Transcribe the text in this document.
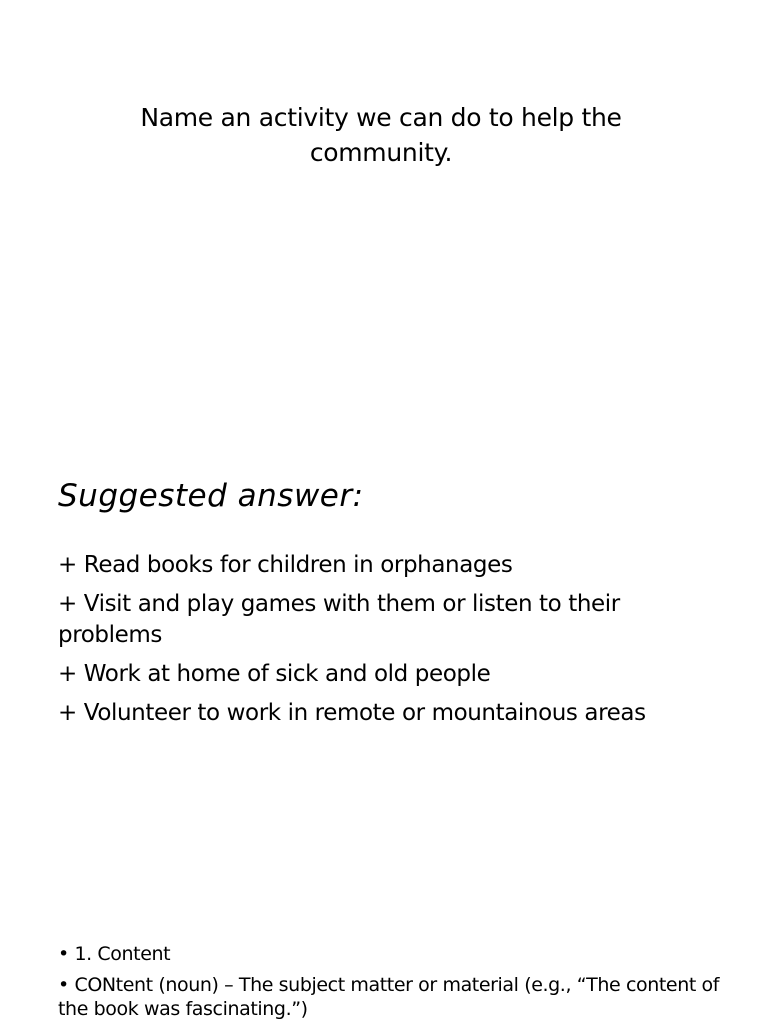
Name an activity we can do to help the
community.
Suggested answer:
+ Read books for children in orphanages
+ Visit and play games with them or listen to their problems
+ Work at home of sick and old people
+ Volunteer to work in remote or mountainous areas
• 1. Content
• CONtent (noun) – The subject matter or material (e.g., “The content of the book was fascinating.”)
